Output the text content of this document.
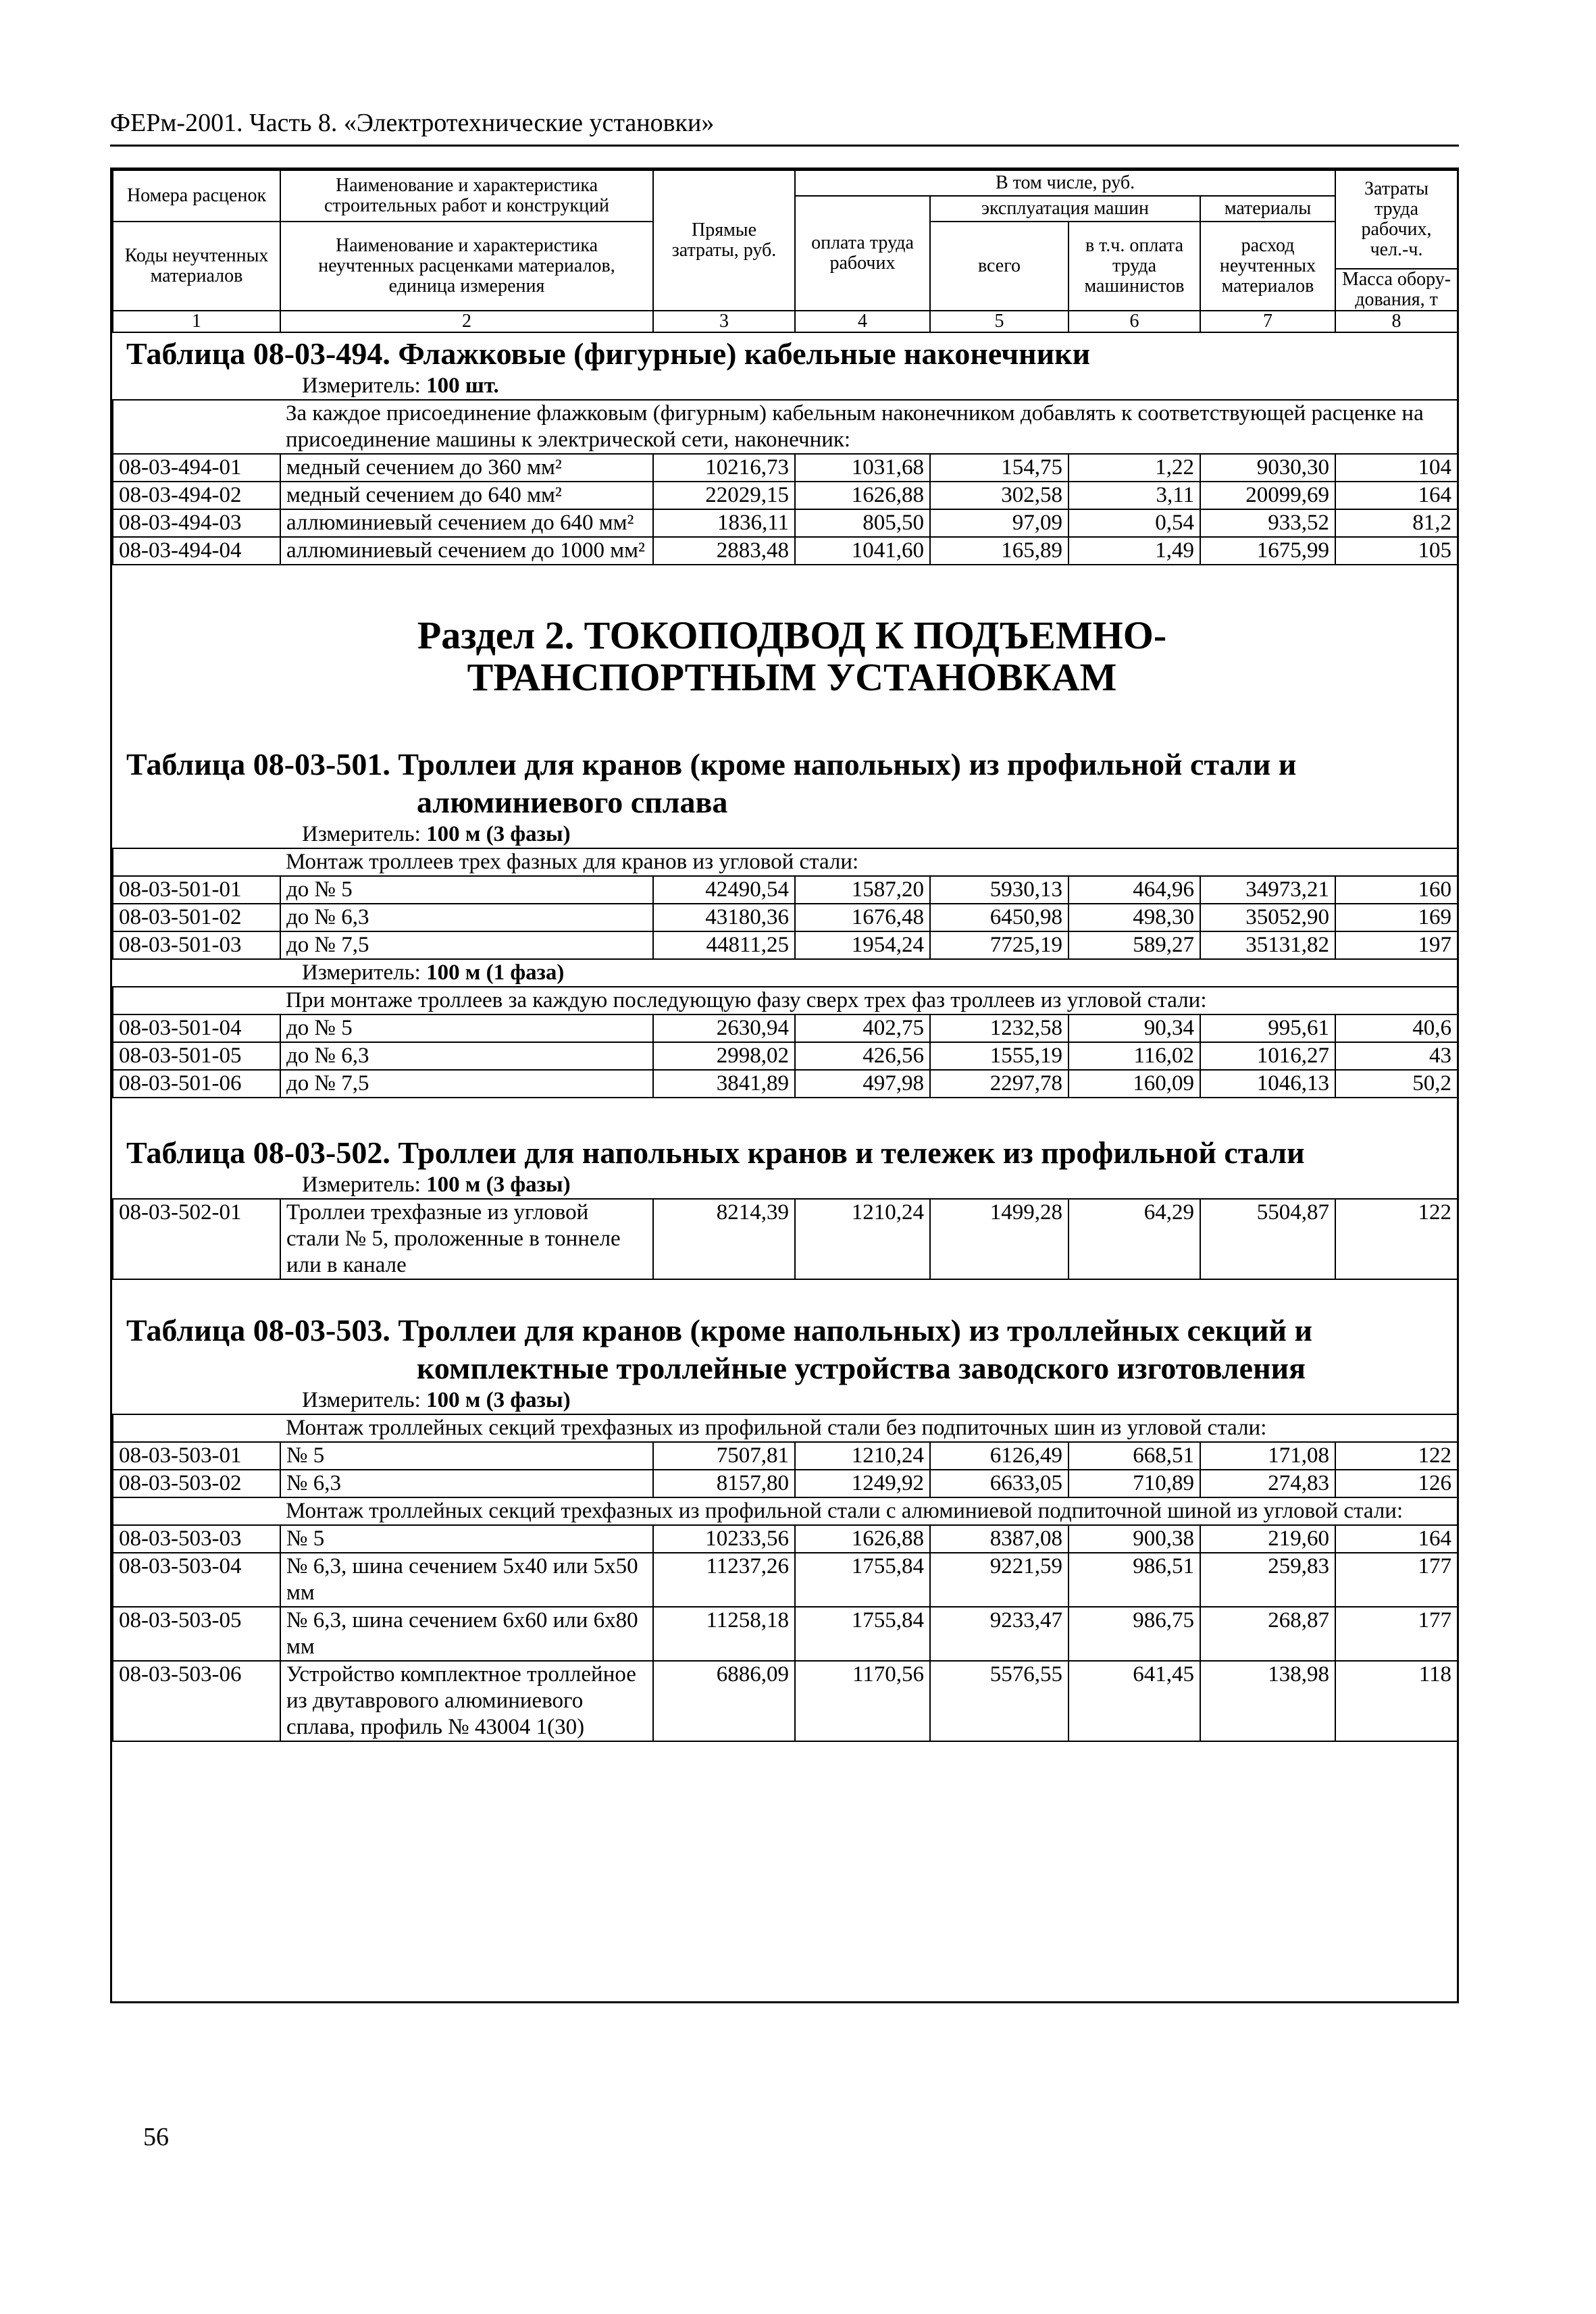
ФЕРм-2001. Часть 8. «Электротехнические установки»
Номера расценок	Наименование и характеристика строительных работ и конструкций	Прямые затраты, руб.	В том числе, руб.				Затраты труда рабочих, чел.-ч.
			оплата труда рабочих	эксплуатация машин		материалы	
Коды неучтенных материалов	Наименование и характеристика неучтенных расценками материалов, единица измерения			всего	в т.ч. оплата труда машинистов	расход неучтенных материалов	
							Масса обору-дования, т
1	2	3	4	5	6	7	8

Таблица 08-03-494. Флажковые (фигурные) кабельные наконечники
Измеритель: 100 шт.							

	За каждое присоединение флажковым (фигурным) кабельным наконечником добавлять к соответствующей расценке на присоединение машины к электрической сети, наконечник:						
08-03-494-01	медный сечением до 360 мм²	10216,73	1031,68	154,75	1,22	9030,30	104
08-03-494-02	медный сечением до 640 мм²	22029,15	1626,88	302,58	3,11	20099,69	164
08-03-494-03	аллюминиевый сечением до 640 мм²	1836,11	805,50	97,09	0,54	933,52	81,2
08-03-494-04	аллюминиевый сечением до 1000 мм²	2883,48	1041,60	165,89	1,49	1675,99	105

Раздел 2. ТОКОПОДВОД К ПОДЪЕМНО-ТРАНСПОРТНЫМ УСТАНОВКАМ
Таблица 08-03-501. Троллеи для кранов (кроме напольных) из профильной стали и
алюминиевого сплава
Измеритель: 100 м (3 фазы)							

	Монтаж троллеев трех фазных для кранов из угловой стали:						
08-03-501-01	до № 5	42490,54	1587,20	5930,13	464,96	34973,21	160
08-03-501-02	до № 6,3	43180,36	1676,48	6450,98	498,30	35052,90	169
08-03-501-03	до № 7,5	44811,25	1954,24	7725,19	589,27	35131,82	197

Измеритель: 100 м (1 фаза)							

	При монтаже троллеев за каждую последующую фазу сверх трех фаз троллеев из угловой стали:						
08-03-501-04	до № 5	2630,94	402,75	1232,58	90,34	995,61	40,6
08-03-501-05	до № 6,3	2998,02	426,56	1555,19	116,02	1016,27	43
08-03-501-06	до № 7,5	3841,89	497,98	2297,78	160,09	1046,13	50,2

Таблица 08-03-502. Троллеи для напольных кранов и тележек из профильной стали
Измеритель: 100 м (3 фазы)							

08-03-502-01	Троллеи трехфазные из угловой стали № 5, проложенные в тоннеле или в канале	8214,39	1210,24	1499,28	64,29	5504,87	122

Таблица 08-03-503. Троллеи для кранов (кроме напольных) из троллейных секций и
комплектные троллейные устройства заводского изготовления
Измеритель: 100 м (3 фазы)							

	Монтаж троллейных секций трехфазных из профильной стали без подпиточных шин из угловой стали:						
08-03-503-01	№ 5	7507,81	1210,24	6126,49	668,51	171,08	122
08-03-503-02	№ 6,3	8157,80	1249,92	6633,05	710,89	274,83	126
	Монтаж троллейных секций трехфазных из профильной стали с алюминиевой подпиточной шиной из угловой стали:						
08-03-503-03	№ 5	10233,56	1626,88	8387,08	900,38	219,60	164
08-03-503-04	№ 6,3, шина сечением 5х40 или 5х50 мм	11237,26	1755,84	9221,59	986,51	259,83	177
08-03-503-05	№ 6,3, шина сечением 6х60 или 6х80 мм	11258,18	1755,84	9233,47	986,75	268,87	177
08-03-503-06	Устройство комплектное троллейное из двутаврового алюминиевого сплава, профиль № 43004 1(30)	6886,09	1170,56	5576,55	641,45	138,98	118
56
